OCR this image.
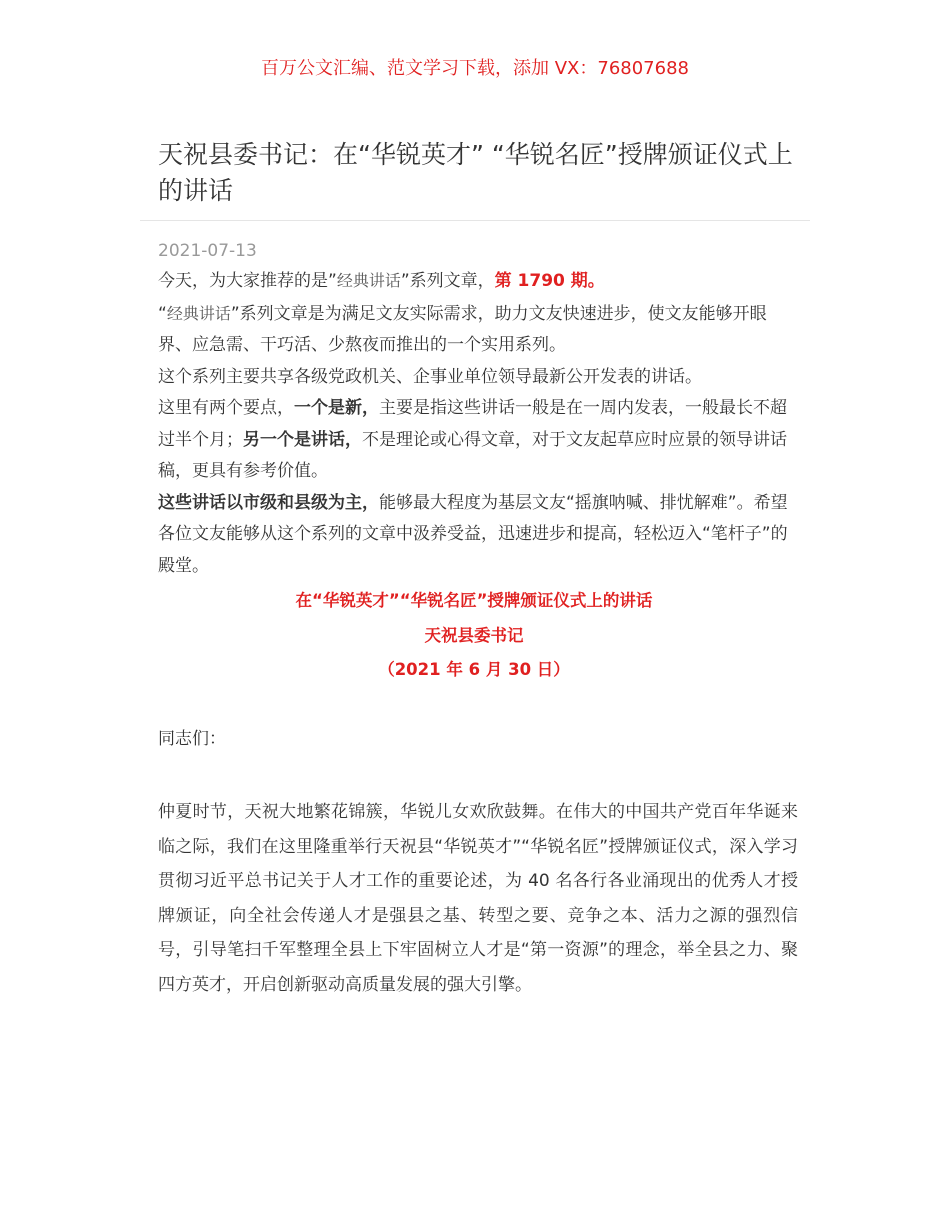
百万公文汇编、范文学习下载，添加 VX：76807688
天祝县委书记：在“华锐英才” “华锐名匠”授牌颁证仪式上的讲话
2021-07-13

今天，为大家推荐的是”经典讲话”系列文章，第 1790 期。

“经典讲话”系列文章是为满足文友实际需求，助力文友快速进步，使文友能够开眼界、应急需、干巧活、少熬夜而推出的一个实用系列。

这个系列主要共享各级党政机关、企事业单位领导最新公开发表的讲话。

这里有两个要点，一个是新，主要是指这些讲话一般是在一周内发表，一般最长不超过半个月；另一个是讲话，不是理论或心得文章，对于文友起草应时应景的领导讲话稿，更具有参考价值。

这些讲话以市级和县级为主，能够最大程度为基层文友“摇旗呐喊、排忧解难”。希望各位文友能够从这个系列的文章中汲养受益，迅速进步和提高，轻松迈入“笔杆子”的殿堂。

在“华锐英才”“华锐名匠”授牌颁证仪式上的讲话
天祝县委书记
（2021 年 6 月 30 日）
同志们：
仲夏时节，天祝大地繁花锦簇，华锐儿女欢欣鼓舞。在伟大的中国共产党百年华诞来临之际，我们在这里隆重举行天祝县“华锐英才”“华锐名匠”授牌颁证仪式，深入学习贯彻习近平总书记关于人才工作的重要论述，为 40 名各行各业涌现出的优秀人才授牌颁证，向全社会传递人才是强县之基、转型之要、竞争之本、活力之源的强烈信号，引导笔扫千军整理全县上下牢固树立人才是“第一资源”的理念，举全县之力、聚四方英才，开启创新驱动高质量发展的强大引擎。
